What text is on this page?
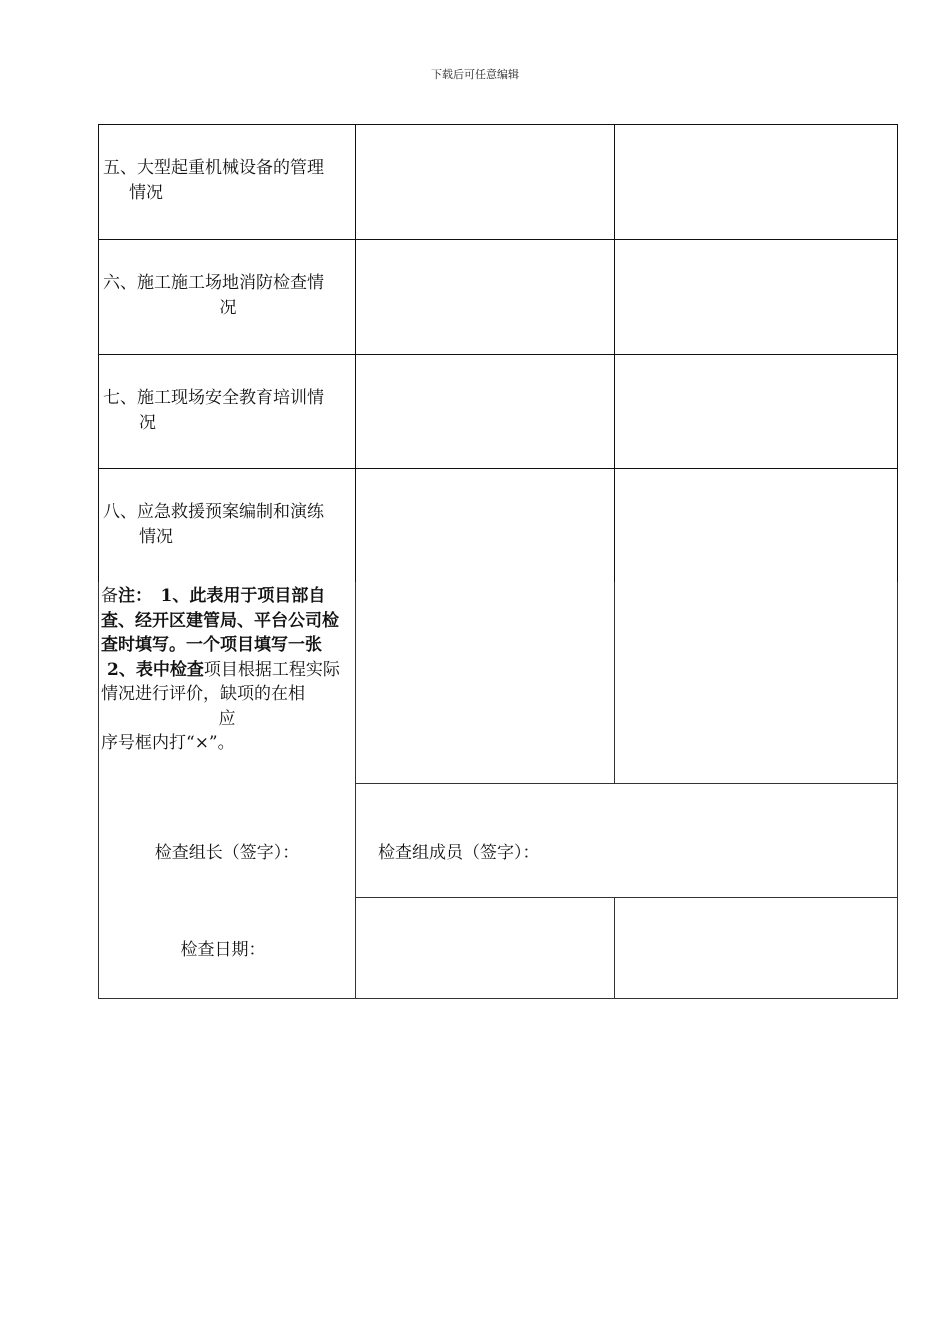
下载后可任意编辑
五、大型起重机械设备的管理
情况
六、施工施工场地消防检查情
况
七、施工现场安全教育培训情
况
八、应急救援预案编制和演练
情况
备注：　1、此表用于项目部自查、经开区建管局、平台公司检查时填写。一个项目填写一张
2、表中检查项目根据工程实际情况进行评价，缺项的在相

应
序号框内打“×”。
检查组长（签字）：	检查组成员（签字）：
检查日期：
